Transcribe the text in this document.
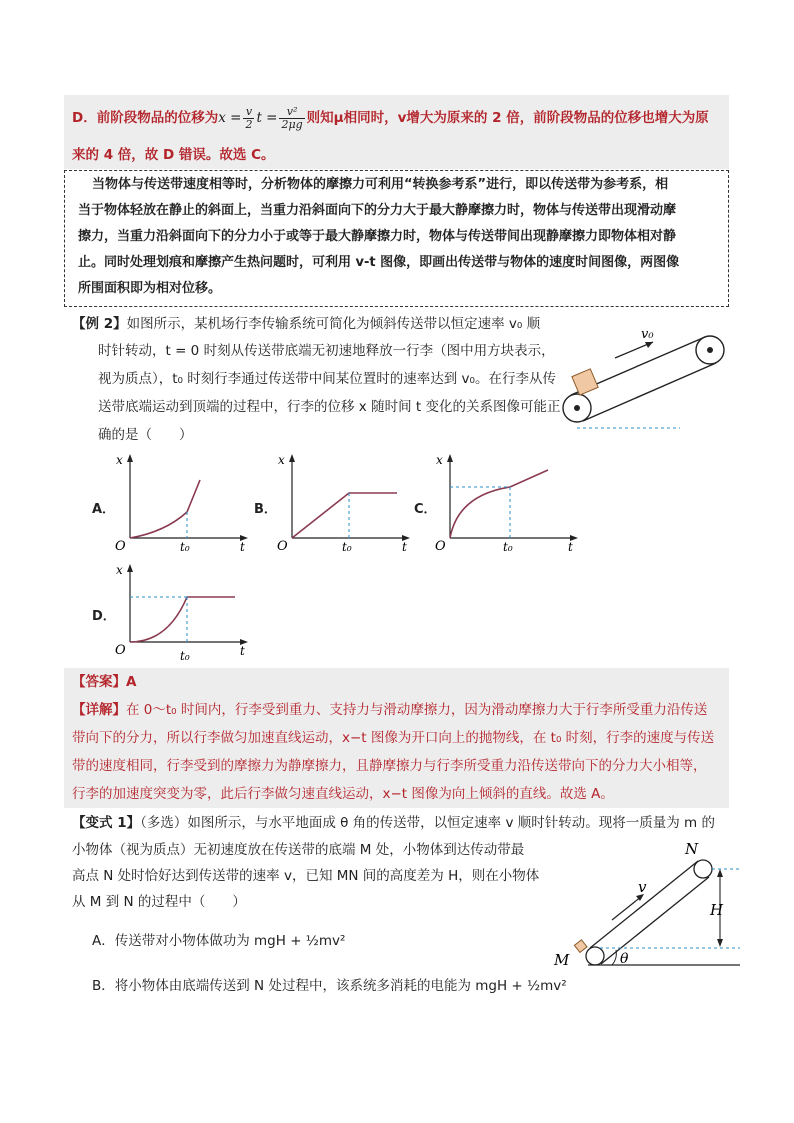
D．前阶段物品的位移为$x = \frac{v}{2}$ $t = \frac{\text{v²}}{2\mu g}$ 则知μ相同时，v增大为原来的 2 倍，前阶段物品的位移也增大为原
来的 4 倍，故 D 错误。故选 C。
当物体与传送带速度相等时，分析物体的摩擦力可利用“转换参考系”进行，即以传送带为参考系，相
当于物体轻放在静止的斜面上，当重力沿斜面向下的分力大于最大静摩擦力时，物体与传送带出现滑动摩
擦力，当重力沿斜面向下的分力小于或等于最大静摩擦力时，物体与传送带间出现静摩擦力即物体相对静
止。同时处理划痕和摩擦产生热问题时，可利用 v-t 图像，即画出传送带与物体的速度时间图像，两图像
所围面积即为相对位移。
【例 2】如图所示，某机场行李传输系统可简化为倾斜传送带以恒定速率 v₀ 顺
时针转动，t = 0 时刻从传送带底端无初速地释放一行李（图中用方块表示，
视为质点），t₀ 时刻行李通过传送带中间某位置时的速率达到 v₀。在行李从传
送带底端运动到顶端的过程中，行李的位移 x 随时间 t 变化的关系图像可能正
确的是（　　）
v₀
A．	B．	C．
D．
x
O	t
t₀
x
O	t
t₀
x
O	t
t₀
x
O	t
t₀
【答案】A
【详解】在 0～t₀ 时间内，行李受到重力、支持力与滑动摩擦力，因为滑动摩擦力大于行李所受重力沿传送
带向下的分力，所以行李做匀加速直线运动，x−t 图像为开口向上的抛物线，在 t₀ 时刻，行李的速度与传送
带的速度相同，行李受到的摩擦力为静摩擦力，且静摩擦力与行李所受重力沿传送带向下的分力大小相等，
行李的加速度突变为零，此后行李做匀速直线运动，x−t 图像为向上倾斜的直线。故选 A。
【变式 1】（多选）如图所示，与水平地面成 θ 角的传送带，以恒定速率 v 顺时针转动。现将一质量为 m 的
小物体（视为质点）无初速度放在传送带的底端 M 处，小物体到达传动带最
高点 N 处时恰好达到传送带的速率 v，已知 MN 间的高度差为 H，则在小物体
从 M 到 N 的过程中（　　）
A．传送带对小物体做功为 mgH + ½mv²
B．将小物体由底端传送到 N 处过程中，该系统多消耗的电能为 mgH + ½mv²
N
M
H
v
θ
